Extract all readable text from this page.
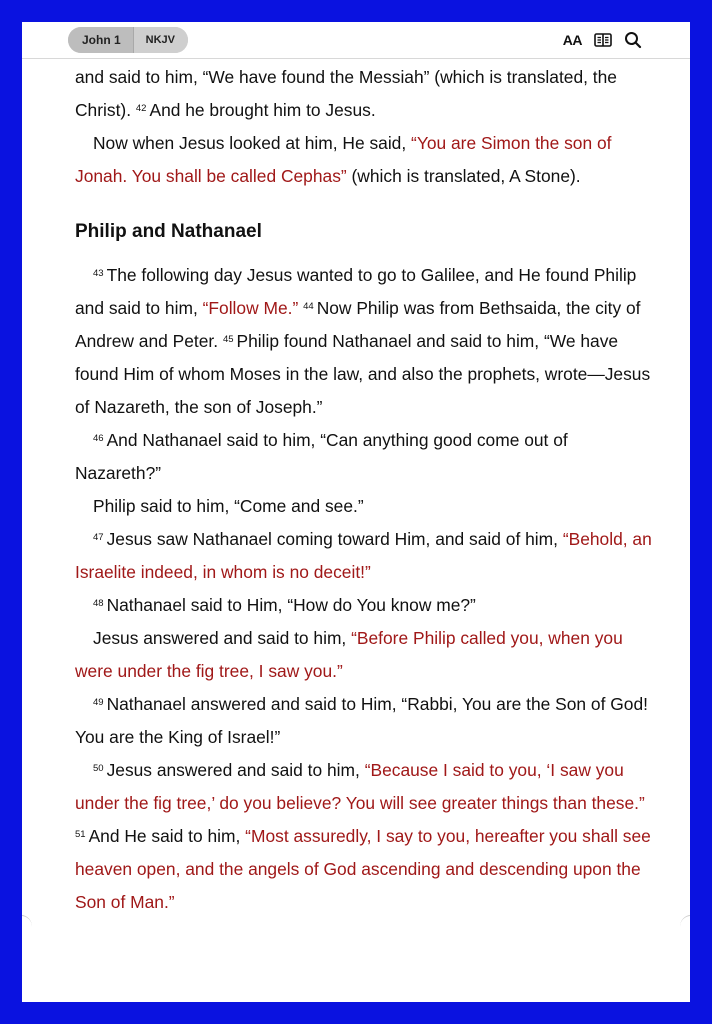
John 1	NKJV	AA

and said to him, “We have found the Messiah” (which is translated, the Christ). $^{42}$ And he brought him to Jesus.

Now when Jesus looked at him, He said, “You are Simon the son of Jonah. You shall be called Cephas” (which is translated, A Stone).

Philip and Nathanael

$^{43}$ The following day Jesus wanted to go to Galilee, and He found Philip and said to him, “Follow Me.” $^{44}$ Now Philip was from Bethsaida, the city of Andrew and Peter. $^{45}$ Philip found Nathanael and said to him, “We have found Him of whom Moses in the law, and also the prophets, wrote—Jesus of Nazareth, the son of Joseph.”

$^{46}$ And Nathanael said to him, “Can anything good come out of Nazareth?”

Philip said to him, “Come and see.”

$^{47}$ Jesus saw Nathanael coming toward Him, and said of him, “Behold, an Israelite indeed, in whom is no deceit!”

$^{48}$ Nathanael said to Him, “How do You know me?”

Jesus answered and said to him, “Before Philip called you, when you were under the fig tree, I saw you.”

$^{49}$ Nathanael answered and said to Him, “Rabbi, You are the Son of God! You are the King of Israel!”

$^{50}$ Jesus answered and said to him, “Because I said to you, ‘I saw you under the fig tree,’ do you believe? You will see greater things than these.” $^{51}$ And He said to him, “Most assuredly, I say to you, hereafter you shall see heaven open, and the angels of God ascending and descending upon the Son of Man.”
